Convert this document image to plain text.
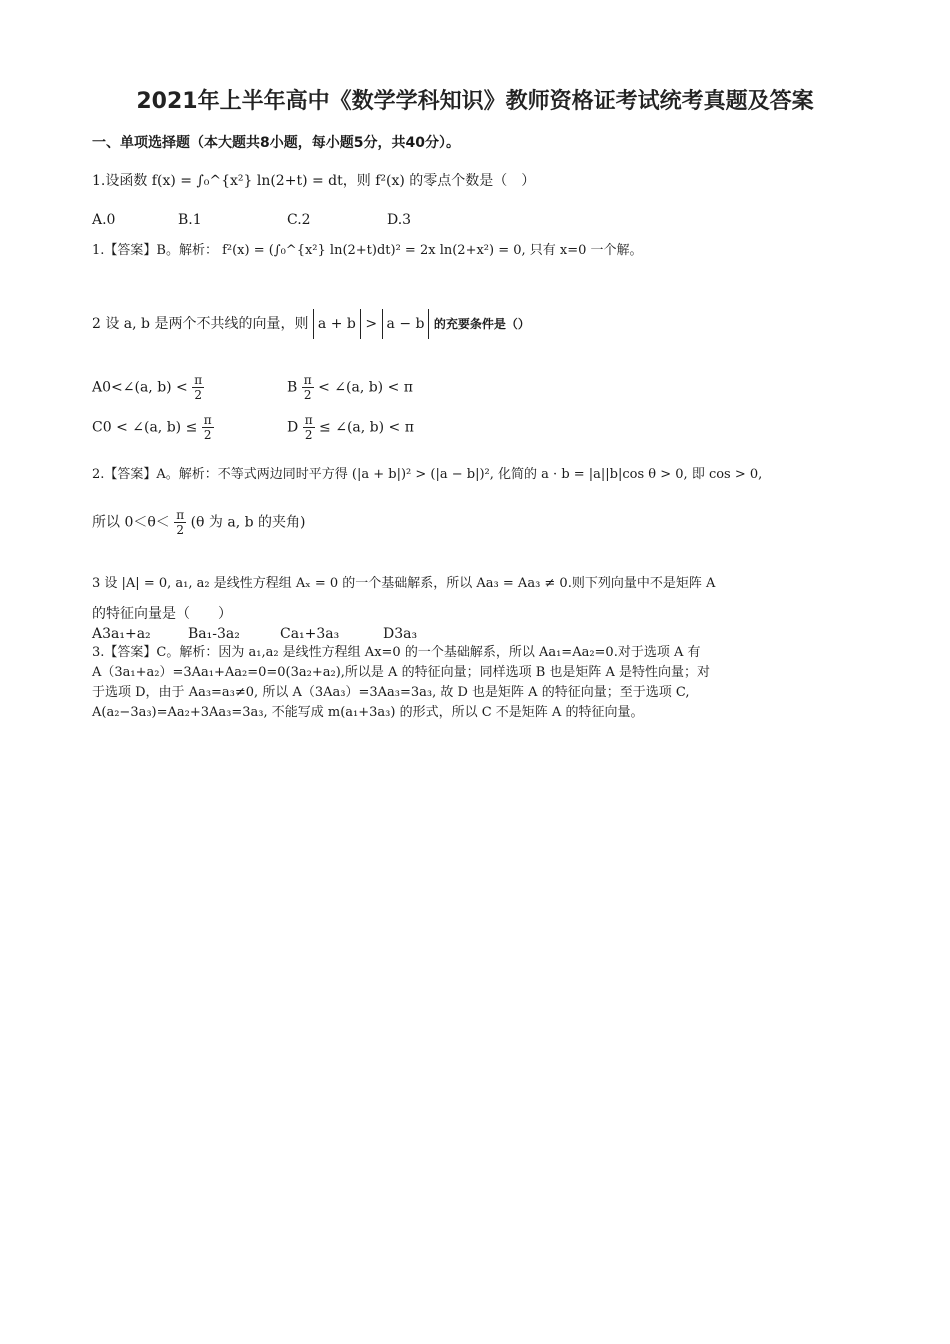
2021年上半年高中《数学学科知识》教师资格证考试统考真题及答案
一、单项选择题（本大题共8小题，每小题5分，共40分）。
1.设函数 f(x) = ∫₀^{x²} ln(2+t) = dt，则 f²(x) 的零点个数是（　）
A.0	B.1	C.2	D.3
1.【答案】B。解析： f²(x) = (∫₀^{x²} ln(2+t)dt)² = 2x ln(2+x²) = 0, 只有 x=0 一个解。
2 设 a, b 是两个不共线的向量，则 a + b > a − b 的充要条件是（）
A0<∠(a, $b) < \frac{\pi}{2}$	B $\frac{\pi}{2}$ < ∠(a, b) < π
C0 < ∠(a, $b) \le \frac{\pi}{2}$	D $\frac{\pi}{2}$ ≤ ∠(a, b) < π
2.【答案】A。解析：不等式两边同时平方得 (|a + b|)² > (|a − b|)², 化简的 a · b = |a||b|cos θ > 0, 即 cos > 0,
所以 $0<\theta< \frac{\pi}{2} (\theta$ 为 a, b 的夹角)
3 设 |A| = 0, a₁, a₂ 是线性方程组 Aₓ = 0 的一个基础解系，所以 Aa₃ = Aa₃ ≠ 0.则下列向量中不是矩阵 A
的特征向量是（　　）
A3a₁+a₂	Ba₁-3a₂	Ca₁+3a₃	D3a₃
3.【答案】C。解析：因为 a₁,a₂ 是线性方程组 Ax=0 的一个基础解系，所以 Aa₁=Aa₂=0.对于选项 A 有
A（3a₁+a₂）=3Aa₁+Aa₂=0=0(3a₂+a₂),所以是 A 的特征向量；同样选项 B 也是矩阵 A 是特性向量；对
于选项 D，由于 Aa₃=a₃≠0, 所以 A（3Aa₃）=3Aa₃=3a₃, 故 D 也是矩阵 A 的特征向量；至于选项 C,
A(a₂−3a₃)=Aa₂+3Aa₃=3a₃, 不能写成 m(a₁+3a₃) 的形式，所以 C 不是矩阵 A 的特征向量。
